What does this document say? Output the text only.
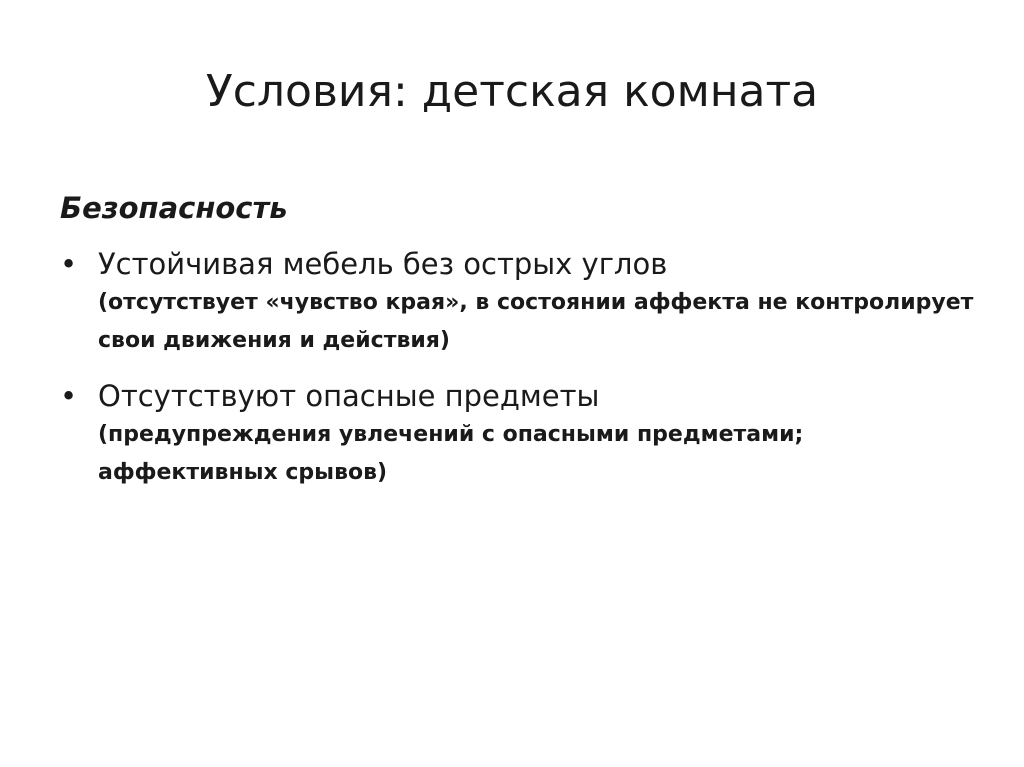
Условия: детская комната
Безопасность
• Устойчивая мебель без острых углов
(отсутствует «чувство края», в состоянии аффекта не контролирует свои движения и действия)
• Отсутствуют опасные предметы
(предупреждения увлечений с опасными предметами; аффективных срывов)
